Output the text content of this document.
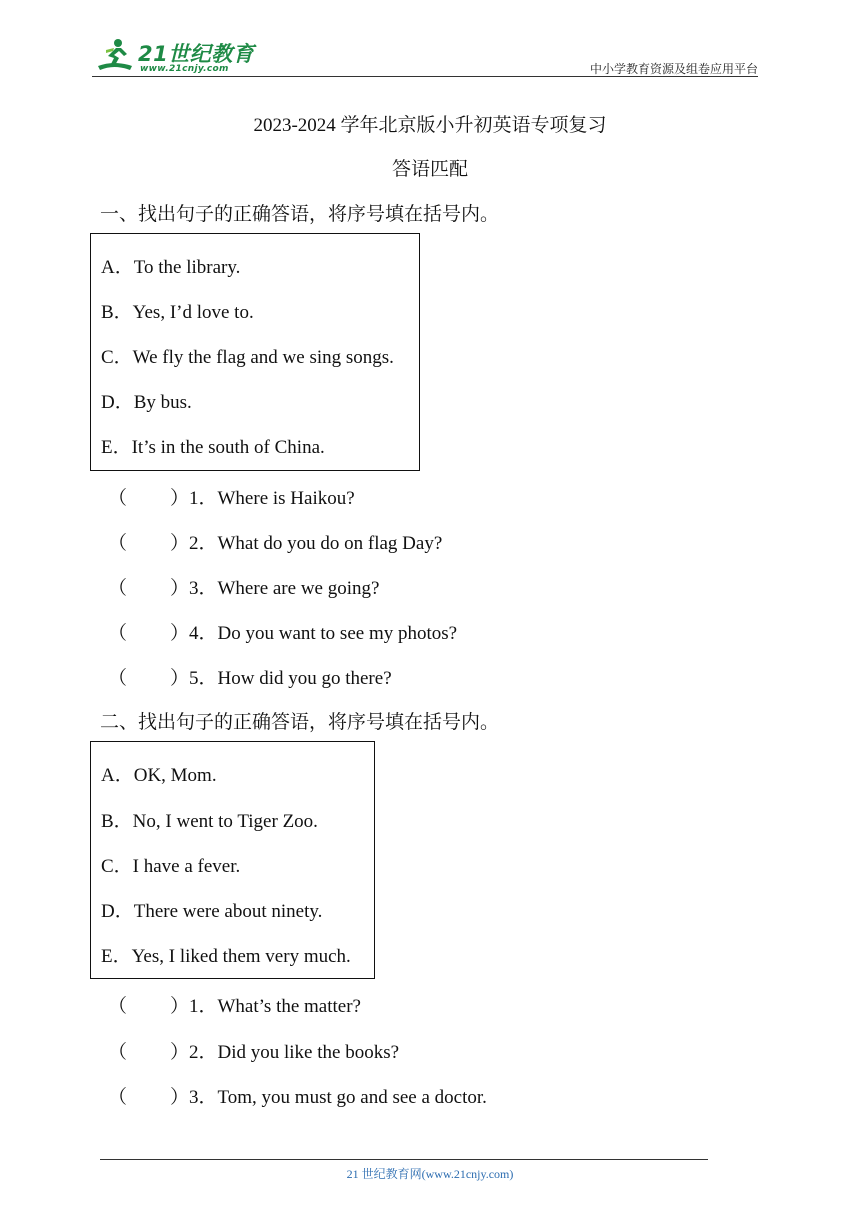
21世纪教育
www.21cnjy.com	中小学教育资源及组卷应用平台
2023-2024 学年北京版小升初英语专项复习
答语匹配
一、找出句子的正确答语，将序号填在括号内。
A．To the library.
B．Yes, I’d love to.
C．We fly the flag and we sing songs.
D．By bus.
E．It’s in the south of China.
（ ）1．Where is Haikou?
（ ）2．What do you do on flag Day?
（ ）3．Where are we going?
（ ）4．Do you want to see my photos?
（ ）5．How did you go there?
二、找出句子的正确答语，将序号填在括号内。
A．OK, Mom.
B．No, I went to Tiger Zoo.
C．I have a fever.
D．There were about ninety.
E．Yes, I liked them very much.
（ ）1．What’s the matter?
（ ）2．Did you like the books?
（ ）3．Tom, you must go and see a doctor.
21 世纪教育网(www.21cnjy.com)
